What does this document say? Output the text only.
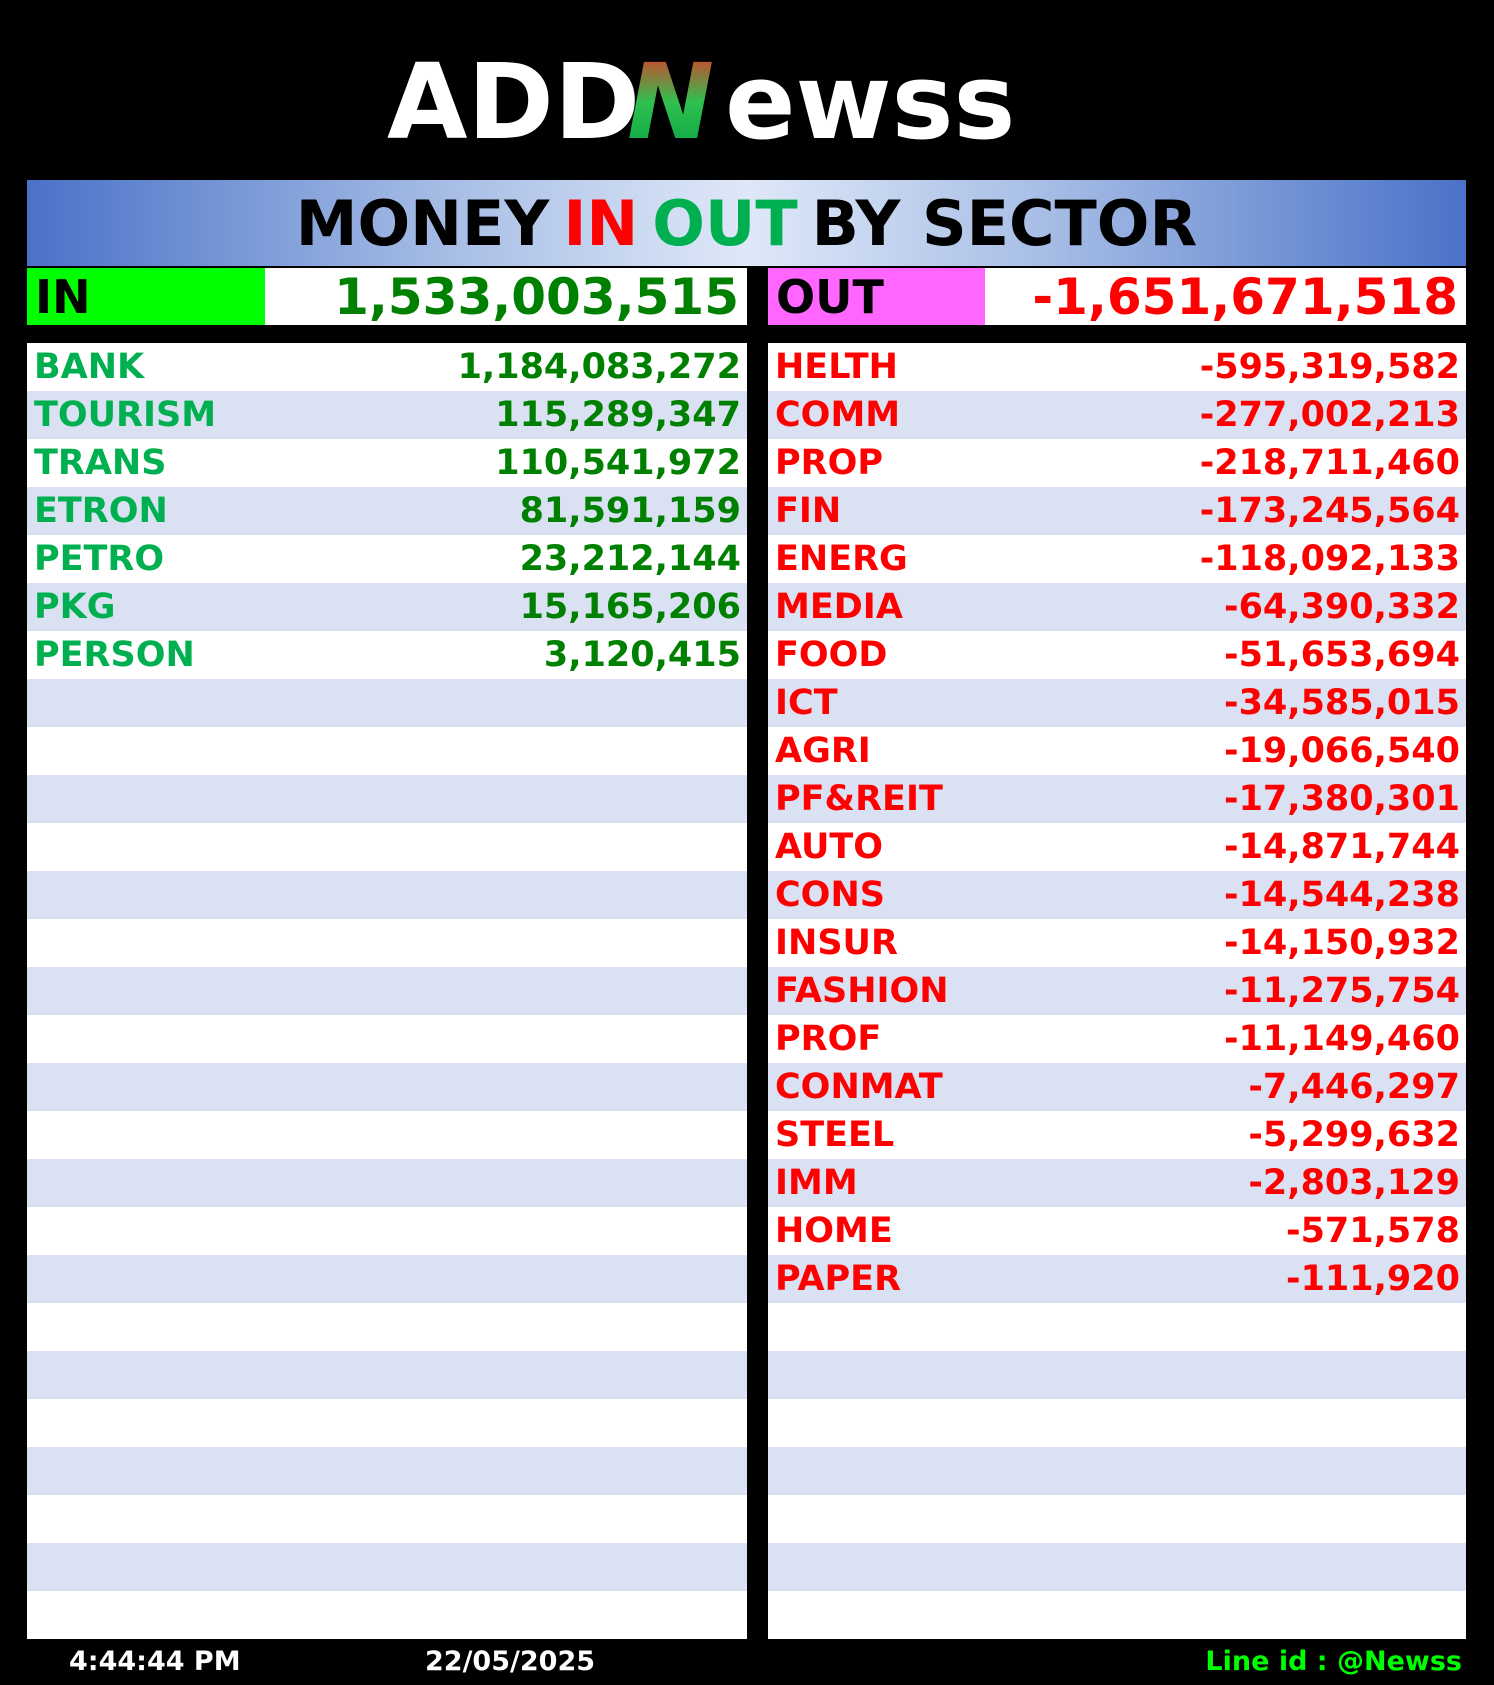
ADD
N ewss
MONEY IN OUT BY SECTOR
IN	1,533,003,515 OUT	-1,651,671,518
BANK	1,184,083,272
TOURISM	115,289,347
TRANS	110,541,972
ETRON	81,591,159
PETRO	23,212,144
PKG	15,165,206
PERSON	3,120,415
HELTH	-595,319,582
COMM	-277,002,213
PROP	-218,711,460
FIN	-173,245,564
ENERG	-118,092,133
MEDIA	-64,390,332
FOOD	-51,653,694
ICT	-34,585,015
AGRI	-19,066,540
PF&REIT	-17,380,301
AUTO	-14,871,744
CONS	-14,544,238
INSUR	-14,150,932
FASHION	-11,275,754
PROF	-11,149,460
CONMAT	-7,446,297
STEEL	-5,299,632
IMM	-2,803,129
HOME	-571,578
PAPER	-111,920
4:44:44 PM	22/05/2025	Line id : @Newss
